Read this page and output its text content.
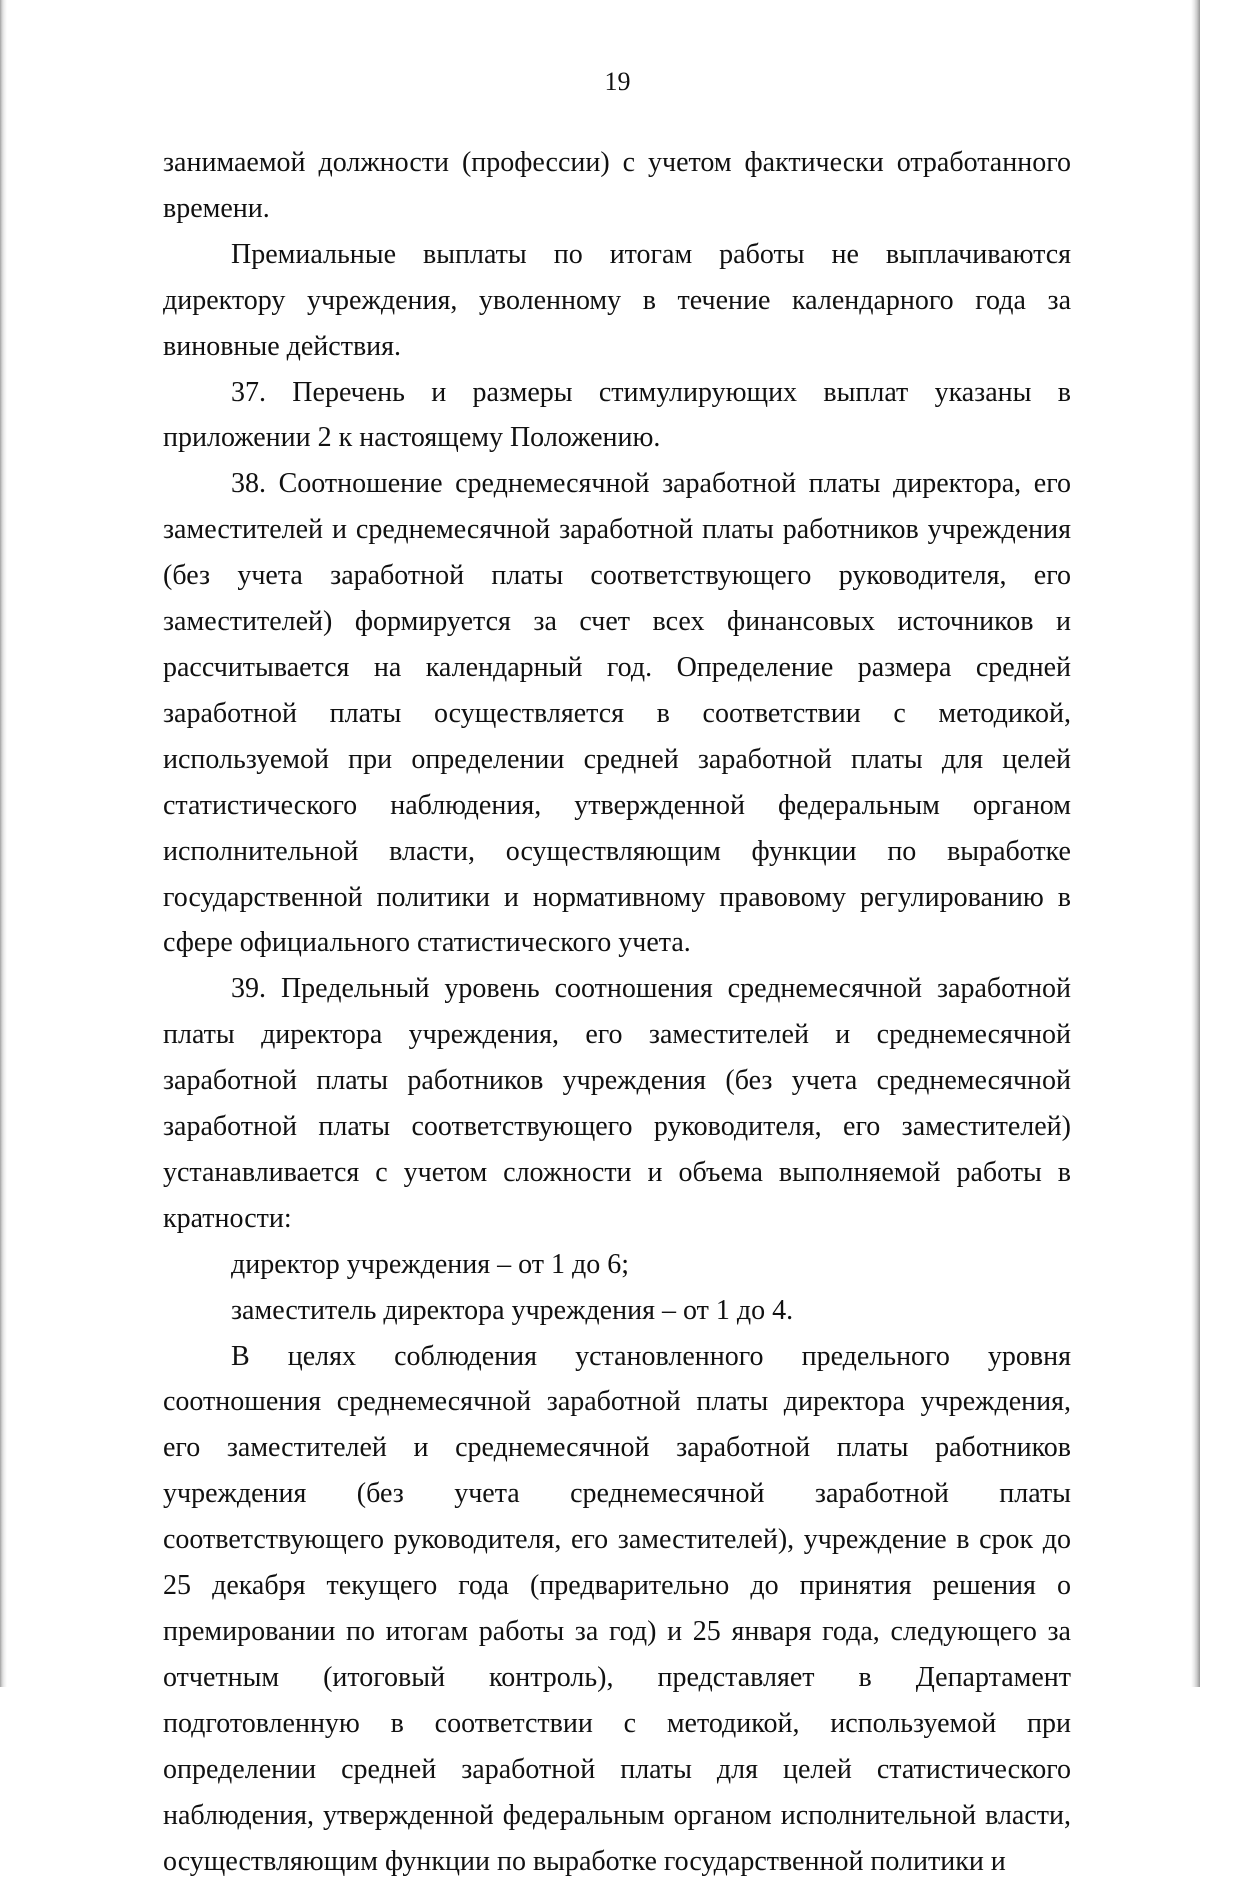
19

занимаемой должности (профессии) с учетом фактически отработанного времени.

Премиальные выплаты по итогам работы не выплачиваются директору учреждения, уволенному в течение календарного года за виновные действия.

37. Перечень и размеры стимулирующих выплат указаны в приложении 2 к настоящему Положению.

38. Соотношение среднемесячной заработной платы директора, его заместителей и среднемесячной заработной платы работников учреждения (без учета заработной платы соответствующего руководителя, его заместителей) формируется за счет всех финансовых источников и рассчитывается на календарный год. Определение размера средней заработной платы осуществляется в соответствии с методикой, используемой при определении средней заработной платы для целей статистического наблюдения, утвержденной федеральным органом исполнительной власти, осуществляющим функции по выработке государственной политики и нормативному правовому регулированию в сфере официального статистического учета.

39. Предельный уровень соотношения среднемесячной заработной платы директора учреждения, его заместителей и среднемесячной заработной платы работников учреждения (без учета среднемесячной заработной платы соответствующего руководителя, его заместителей) устанавливается с учетом сложности и объема выполняемой работы в кратности:

директор учреждения – от 1 до 6;

заместитель директора учреждения – от 1 до 4.

В целях соблюдения установленного предельного уровня соотношения среднемесячной заработной платы директора учреждения, его заместителей и среднемесячной заработной платы работников учреждения (без учета среднемесячной заработной платы соответствующего руководителя, его заместителей), учреждение в срок до 25 декабря текущего года (предварительно до принятия решения о премировании по итогам работы за год) и 25 января года, следующего за отчетным (итоговый контроль), представляет в Департамент подготовленную в соответствии с методикой, используемой при определении средней заработной платы для целей статистического наблюдения, утвержденной федеральным органом исполнительной власти, осуществляющим функции по выработке государственной политики и
